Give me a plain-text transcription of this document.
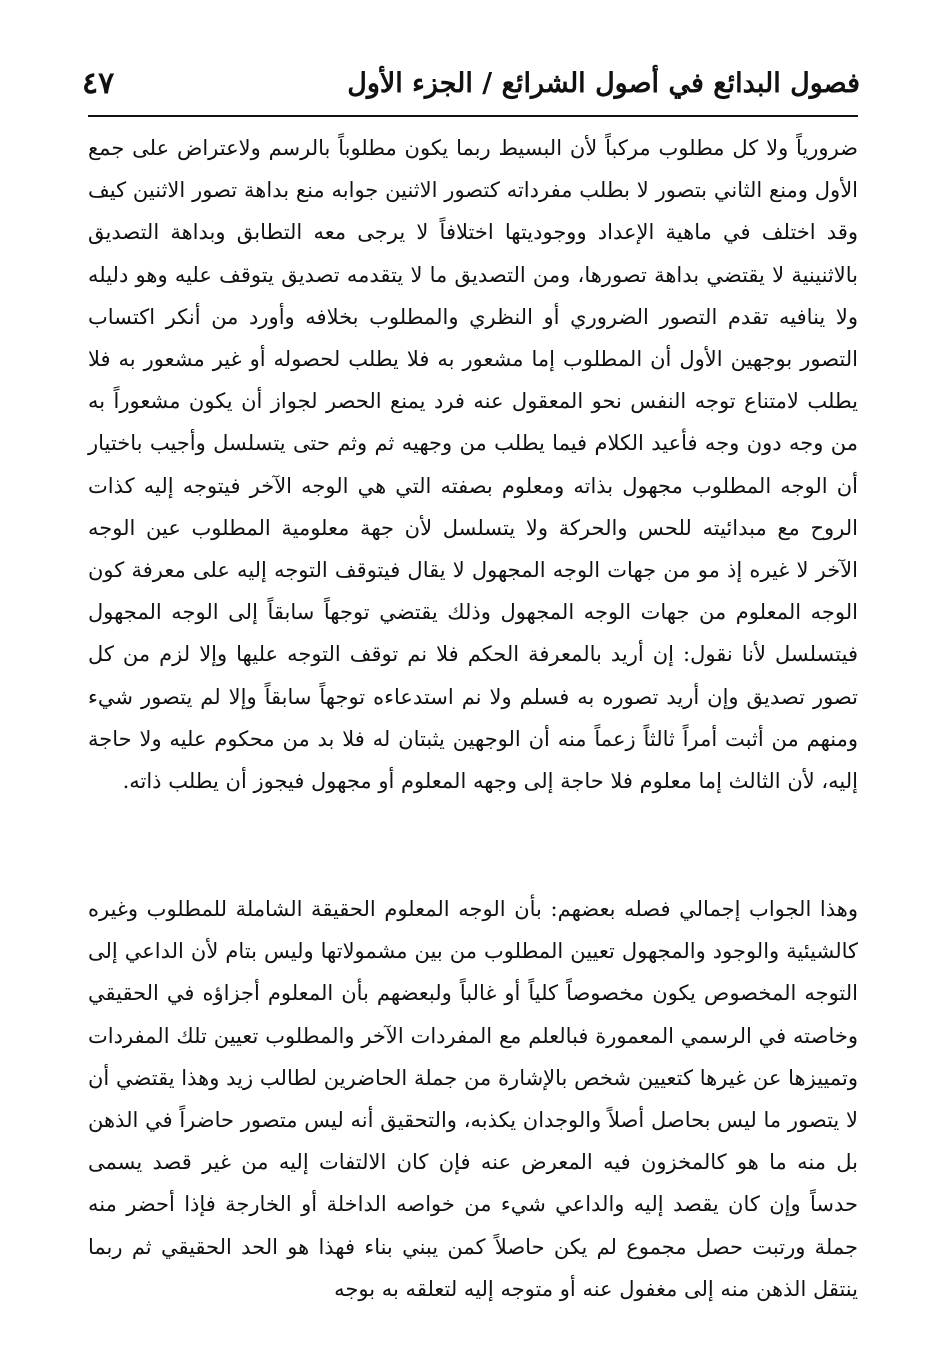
فصول البدائع في أصول الشرائع / الجزء الأول
٤٧

ضرورياً ولا كل مطلوب مركباً لأن البسيط ربما يكون مطلوباً بالرسم ولاعتراض على جمع الأول ومنع الثاني بتصور لا بطلب مفرداته كتصور الاثنين جوابه منع بداهة تصور الاثنين كيف وقد اختلف في ماهية الإعداد ووجوديتها اختلافاً لا يرجى معه التطابق وبداهة التصديق بالاثنينية لا يقتضي بداهة تصورها، ومن التصديق ما لا يتقدمه تصديق يتوقف عليه وهو دليله ولا ينافيه تقدم التصور الضروري أو النظري والمطلوب بخلافه وأورد من أنكر اكتساب التصور بوجهين الأول أن المطلوب إما مشعور به فلا يطلب لحصوله أو غير مشعور به فلا يطلب لامتناع توجه النفس نحو المعقول عنه فرد يمنع الحصر لجواز أن يكون مشعوراً به من وجه دون وجه فأعيد الكلام فيما يطلب من وجهيه ثم وثم حتى يتسلسل وأجيب باختيار أن الوجه المطلوب مجهول بذاته ومعلوم بصفته التي هي الوجه الآخر فيتوجه إليه كذات الروح مع مبدائيته للحس والحركة ولا يتسلسل لأن جهة معلومية المطلوب عين الوجه الآخر لا غيره إذ مو من جهات الوجه المجهول لا يقال فيتوقف التوجه إليه على معرفة كون الوجه المعلوم من جهات الوجه المجهول وذلك يقتضي توجهاً سابقاً إلى الوجه المجهول فيتسلسل لأنا نقول: إن أريد بالمعرفة الحكم فلا نم توقف التوجه عليها وإلا لزم من كل تصور تصديق وإن أريد تصوره به فسلم ولا نم استدعاءه توجهاً سابقاً وإلا لم يتصور شيء ومنهم من أثبت أمراً ثالثاً زعماً منه أن الوجهين يثبتان له فلا بد من محكوم عليه ولا حاجة إليه، لأن الثالث إما معلوم فلا حاجة إلى وجهه المعلوم أو مجهول فيجوز أن يطلب ذاته.

وهذا الجواب إجمالي فصله بعضهم: بأن الوجه المعلوم الحقيقة الشاملة للمطلوب وغيره كالشيئية والوجود والمجهول تعيين المطلوب من بين مشمولاتها وليس بتام لأن الداعي إلى التوجه المخصوص يكون مخصوصاً كلياً أو غالباً ولبعضهم بأن المعلوم أجزاؤه في الحقيقي وخاصته في الرسمي المعمورة فبالعلم مع المفردات الآخر والمطلوب تعيين تلك المفردات وتمييزها عن غيرها كتعيين شخص بالإشارة من جملة الحاضرين لطالب زيد وهذا يقتضي أن لا يتصور ما ليس بحاصل أصلاً والوجدان يكذبه، والتحقيق أنه ليس متصور حاضراً في الذهن بل منه ما هو كالمخزون فيه المعرض عنه فإن كان الالتفات إليه من غير قصد يسمى حدساً وإن كان يقصد إليه والداعي شيء من خواصه الداخلة أو الخارجة فإذا أحضر منه جملة ورتبت حصل مجموع لم يكن حاصلاً كمن يبني بناء فهذا هو الحد الحقيقي ثم ربما ينتقل الذهن منه إلى مغفول عنه أو متوجه إليه لتعلقه به بوجه
